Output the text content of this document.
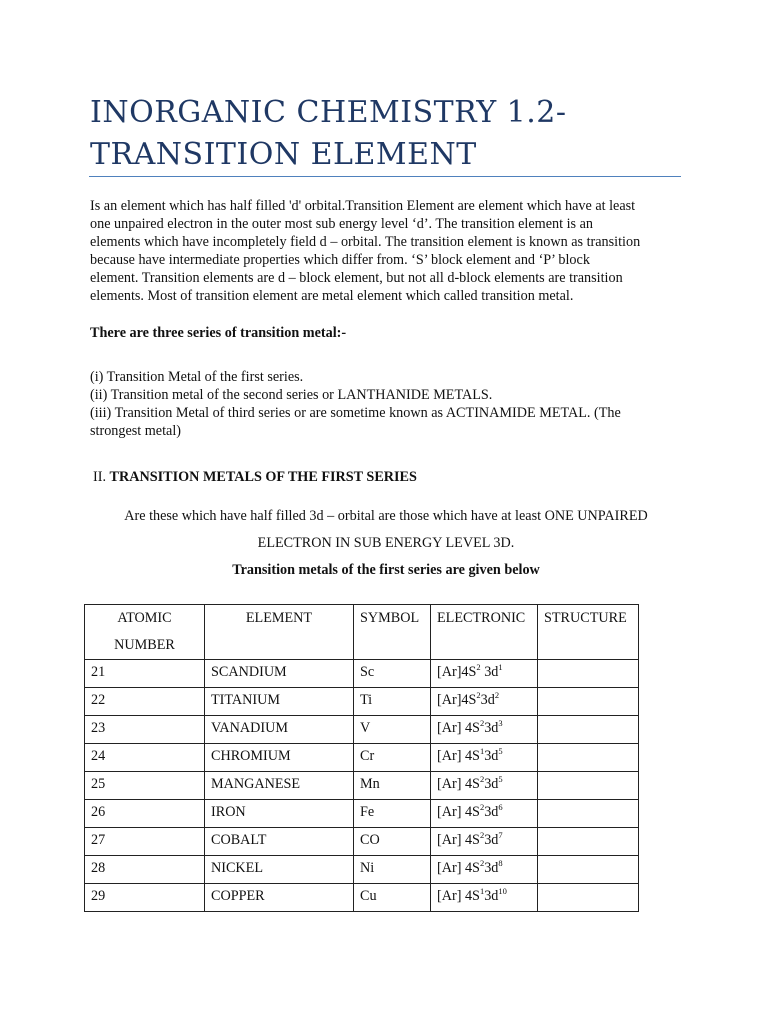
INORGANIC CHEMISTRY 1.2-
TRANSITION ELEMENT
Is an element which has half filled 'd' orbital.Transition Element are element which have at least
one unpaired electron in the outer most sub energy level ‘d’. The transition element is an
elements which have incompletely field d – orbital. The transition element is known as transition
because have intermediate properties which differ from. ‘S’ block element and ‘P’ block
element. Transition elements are d – block element, but not all d-block elements are transition
elements. Most of transition element are metal element which called transition metal.
There are three series of transition metal:-
(i) Transition Metal of the first series.
(ii) Transition metal of the second series or LANTHANIDE METALS.
(iii) Transition Metal of third series or are sometime known as ACTINAMIDE METAL. (The
strongest metal)
II. TRANSITION METALS OF THE FIRST SERIES
Are these which have half filled 3d – orbital are those which have at least ONE UNPAIRED
ELECTRON IN SUB ENERGY LEVEL 3D.
Transition metals of the first series are given below
ATOMIC
NUMBER	ELEMENT	SYMBOL	ELECTRONIC	STRUCTURE
21	SCANDIUM	Sc	$[Ar]4S^2$ $3d^1$	
22	TITANIUM	Ti	$[Ar]4S^23d^2$	
23	VANADIUM	V	[Ar] $4S^23d^3$	
24	CHROMIUM	Cr	[Ar] $4S^13d^5$	
25	MANGANESE	Mn	[Ar] $4S^23d^5$	
26	IRON	Fe	[Ar] $4S^23d^6$	
27	COBALT	CO	[Ar] $4S^23d^7$	
28	NICKEL	Ni	[Ar] $4S^23d^8$	
29	COPPER	Cu	[Ar] $4S^13d^{10}$	
